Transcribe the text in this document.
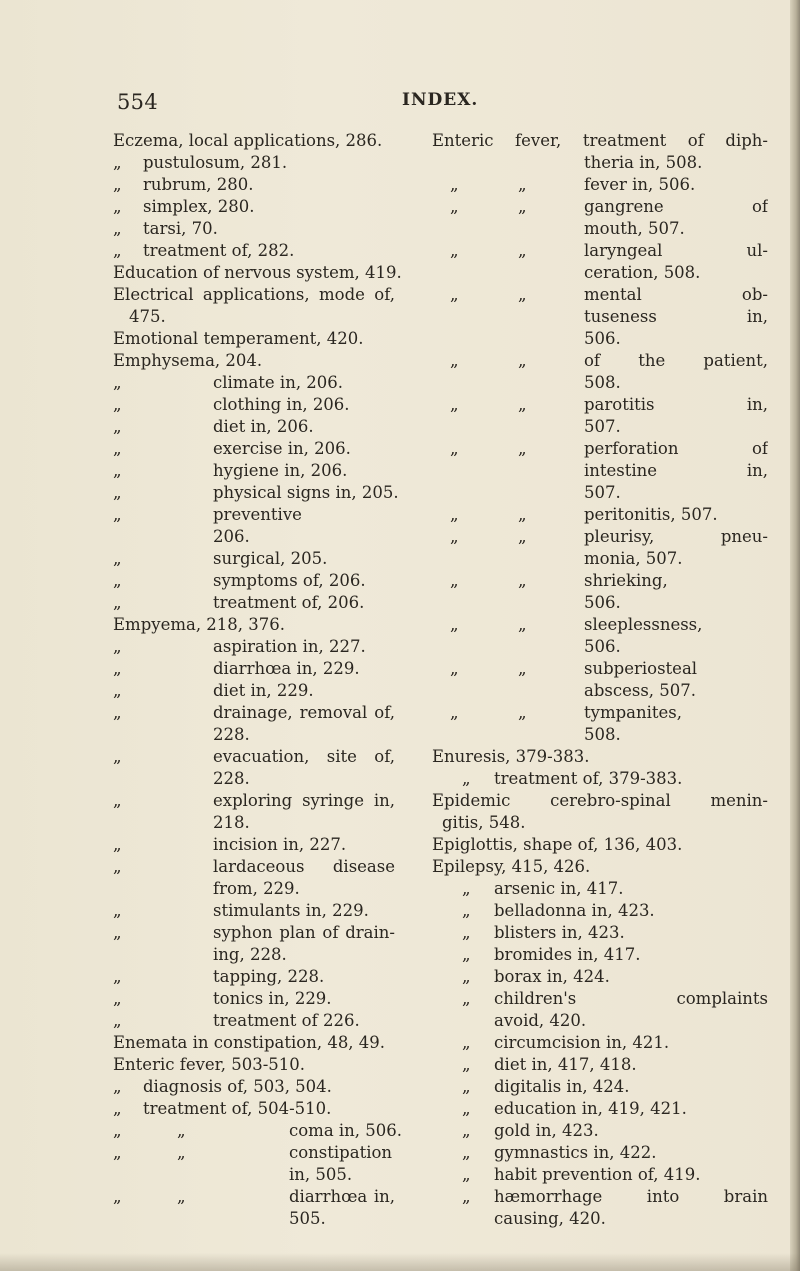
554	INDEX.
Eczema, local applications, 286.
„ pustulosum, 281.
„ rubrum, 280.
„ simplex, 280.
„ tarsi, 70.
„ treatment of, 282.
Education of nervous system, 419.
Electrical applications, mode of,
475.
Emotional temperament, 420.
Emphysema, 204.
„	climate in, 206.
„	clothing in, 206.
„	diet in, 206.
„	exercise in, 206.
„	hygiene in, 206.
„	physical signs in, 205.
„	preventive
206.
„	surgical, 205.
„	symptoms of, 206.
„	treatment of, 206.
Empyema, 218, 376.
„	aspiration in, 227.
„	diarrhœa in, 229.
„	diet in, 229.
„	drainage, removal of,
228.
„	evacuation, site of,
228.
„	exploring syringe in,
218.
„	incision in, 227.
„	lardaceous disease
from, 229.
„	stimulants in, 229.
„	syphon plan of drain-
ing, 228.
„	tapping, 228.
„	tonics in, 229.
„	treatment of 226.
Enemata in constipation, 48, 49.
Enteric fever, 503-510.
„ diagnosis of, 503, 504.
„ treatment of, 504-510.
„	„	coma in, 506.
„	„	constipation
in, 505.
„	„	diarrhœa in,
505.
Enteric fever, treatment of diph-
theria in, 508.
„	„	fever in, 506.
„	„	gangrene of
mouth, 507.
„	„	laryngeal ul-
ceration, 508.
„	„	mental ob-
tuseness in,
506.
„	„	of the patient,
508.
„	„	parotitis in,
507.
„	„	perforation of
intestine in,
507.
„	„	peritonitis, 507.
„	„	pleurisy, pneu-
monia, 507.
„	„	shrieking,
506.
„	„	sleeplessness,
506.
„	„	subperiosteal
abscess, 507.
„	„	tympanites,
508.
Enuresis, 379-383.
„ treatment of, 379-383.
Epidemic cerebro-spinal menin-
gitis, 548.
Epiglottis, shape of, 136, 403.
Epilepsy, 415, 426.
„ arsenic in, 417.
„ belladonna in, 423.
„ blisters in, 423.
„ bromides in, 417.
„ borax in, 424.
„ children's complaints
avoid, 420.
„ circumcision in, 421.
„ diet in, 417, 418.
„ digitalis in, 424.
„ education in, 419, 421.
„ gold in, 423.
„ gymnastics in, 422.
„ habit prevention of, 419.
„ hæmorrhage into brain
causing, 420.
